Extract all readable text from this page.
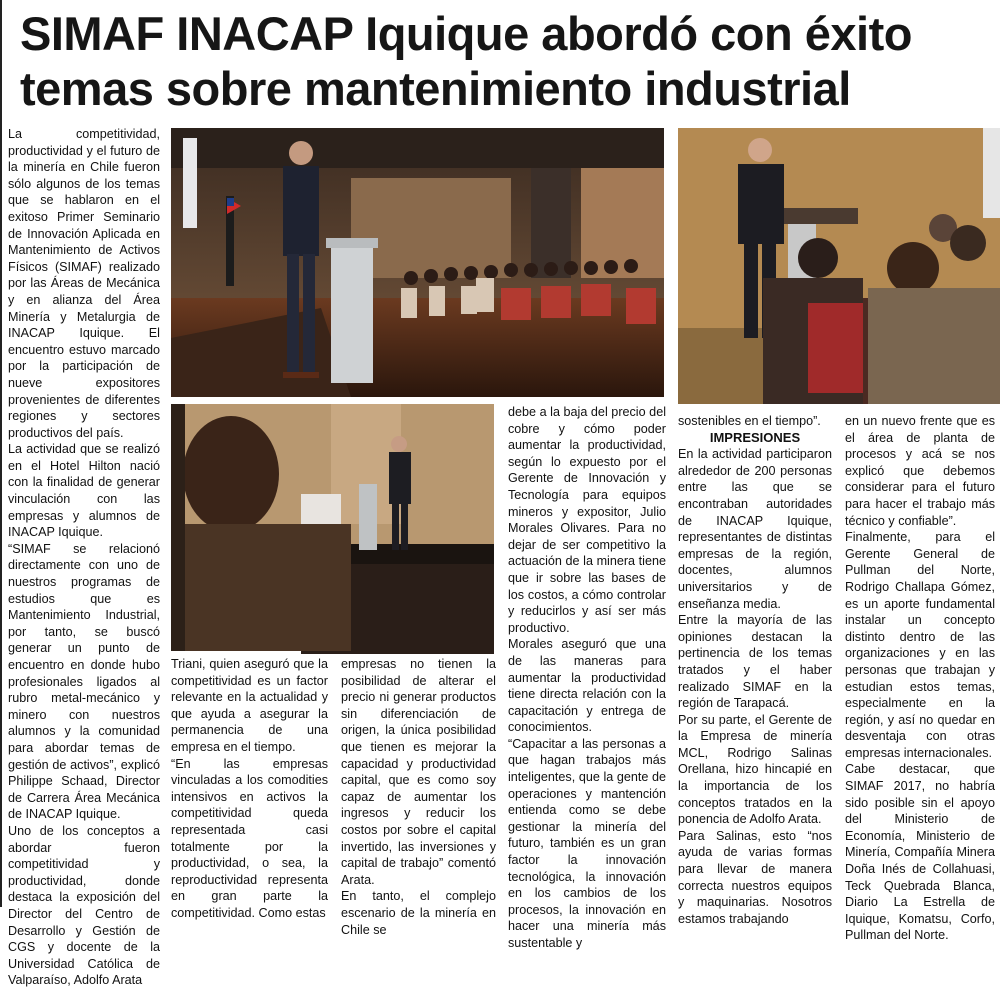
SIMAF INACAP Iquique abordó con éxito temas sobre mantenimiento industrial

La competitividad, productividad y el futuro de la minería en Chile fueron sólo algunos de los temas que se hablaron en el exitoso Primer Seminario de Innovación Aplicada en Mantenimiento de Activos Físicos (SIMAF) realizado por las Áreas de Mecánica y en alianza del Área Minería y Metalurgia de INACAP Iquique. El encuentro estuvo marcado por la participación de nueve expositores provenientes de diferentes regiones y sectores productivos del país.

La actividad que se realizó en el Hotel Hilton nació con la finalidad de generar vinculación con las empresas y alumnos de INACAP Iquique.

“SIMAF se relacionó directamente con uno de nuestros programas de estudios que es Mantenimiento Industrial, por tanto, se buscó generar un punto de encuentro en donde hubo profesionales ligados al rubro metal-mecánico y minero con nuestros alumnos y la comunidad para abordar temas de gestión de activos”, explicó Philippe Schaad, Director de Carrera Área Mecánica de INACAP Iquique.

Uno de los conceptos a abordar fueron competitividad y productividad, donde destaca la exposición del Director del Centro de Desarrollo y Gestión de CGS y docente de la Universidad Católica de Valparaíso, Adolfo Arata

Triani, quien aseguró que la competitividad es un factor relevante en la actualidad y que ayuda a asegurar la permanencia de una empresa en el tiempo.

“En las empresas vinculadas a los comodities intensivos en activos la competitividad queda representada casi totalmente por la productividad, o sea, la reproductividad representa en gran parte la competitividad. Como estas

empresas no tienen la posibilidad de alterar el precio ni generar productos sin diferenciación de origen, la única posibilidad que tienen es mejorar la capacidad y productividad capital, que es como soy capaz de aumentar los ingresos y reducir los costos por sobre el capital invertido, las inversiones y capital de trabajo” comentó Arata.

En tanto, el complejo escenario de la minería en Chile se

debe a la baja del precio del cobre y cómo poder aumentar la productividad, según lo expuesto por el Gerente de Innovación y Tecnología para equipos mineros y expositor, Julio Morales Olivares. Para no dejar de ser competitivo la actuación de la minera tiene que ir sobre las bases de los costos, a cómo controlar y reducirlos y así ser más productivo.

Morales aseguró que una de las maneras para aumentar la productividad tiene directa relación con la capacitación y entrega de conocimientos.

“Capacitar a las personas a que hagan trabajos más inteligentes, que la gente de operaciones y mantención entienda como se debe gestionar la minería del futuro, también es un gran factor la innovación tecnológica, la innovación en los cambios de los procesos, la innovación en hacer una minería más sustentable y

sostenibles en el tiempo”.

IMPRESIONES

En la actividad participaron alrededor de 200 personas entre las que se encontraban autoridades de INACAP Iquique, representantes de distintas empresas de la región, docentes, alumnos universitarios y de enseñanza media.

Entre la mayoría de las opiniones destacan la pertinencia de los temas tratados y el haber realizado SIMAF en la región de Tarapacá.

Por su parte, el Gerente de la Empresa de minería MCL, Rodrigo Salinas Orellana, hizo hincapié en la importancia de los conceptos tratados en la ponencia de Adolfo Arata.

Para Salinas, esto “nos ayuda de varias formas para llevar de manera correcta nuestros equipos y maquinarias. Nosotros estamos trabajando

en un nuevo frente que es el área de planta de procesos y acá se nos explicó que debemos considerar para el futuro para hacer el trabajo más técnico y confiable”.

Finalmente, para el Gerente General de Pullman del Norte, Rodrigo Challapa Gómez, es un aporte fundamental instalar un concepto distinto dentro de las organizaciones y en las personas que trabajan y estudian estos temas, especialmente en la región, y así no quedar en desventaja con otras empresas internacionales.

Cabe destacar, que SIMAF 2017, no habría sido posible sin el apoyo del Ministerio de Economía, Ministerio de Minería, Compañía Minera Doña Inés de Collahuasi, Teck Quebrada Blanca, Diario La Estrella de Iquique, Komatsu, Corfo, Pullman del Norte.
